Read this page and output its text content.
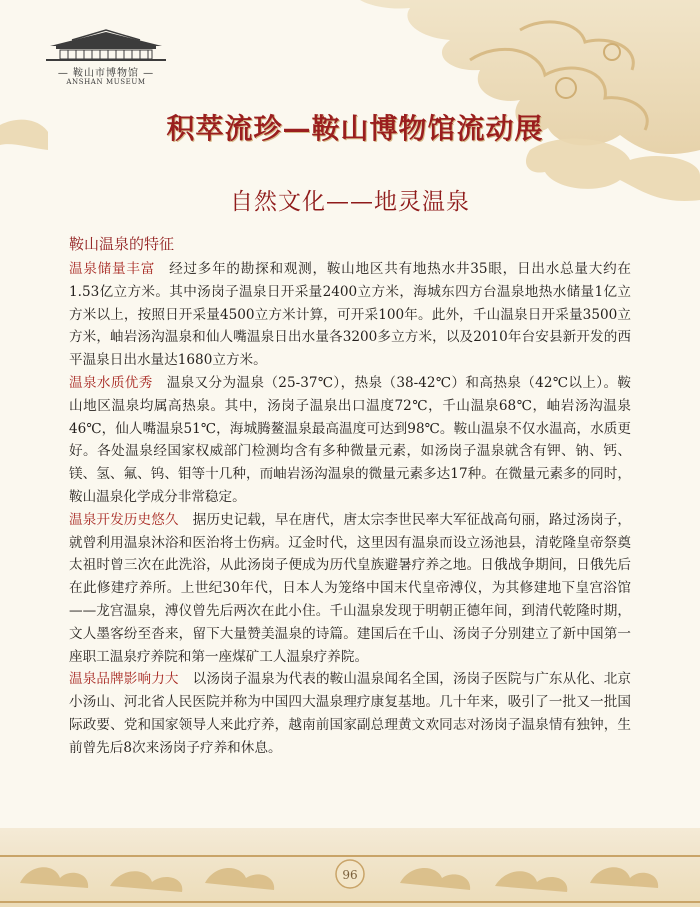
— 鞍山市博物馆 —
ANSHAN MUSEUM
积萃流珍—鞍山博物馆流动展
自然文化——地灵温泉
鞍山温泉的特征

温泉储量丰富 经过多年的勘探和观测，鞍山地区共有地热水井35眼，日出水总量大约在1.53亿立方米。其中汤岗子温泉日开采量2400立方米，海城东四方台温泉地热水储量1亿立方米以上，按照日开采量4500立方米计算，可开采100年。此外，千山温泉日开采量3500立方米，岫岩汤沟温泉和仙人嘴温泉日出水量各3200多立方米，以及2010年台安县新开发的西平温泉日出水量达1680立方米。

温泉水质优秀 温泉又分为温泉（25-37℃），热泉（38-42℃）和高热泉（42℃以上）。鞍山地区温泉均属高热泉。其中，汤岗子温泉出口温度72℃，千山温泉68℃，岫岩汤沟温泉46℃，仙人嘴温泉51℃，海城腾鳌温泉最高温度可达到98℃。鞍山温泉不仅水温高，水质更好。各处温泉经国家权威部门检测均含有多种微量元素，如汤岗子温泉就含有钾、钠、钙、镁、氢、氟、钨、钼等十几种，而岫岩汤沟温泉的微量元素多达17种。在微量元素多的同时，鞍山温泉化学成分非常稳定。

温泉开发历史悠久 据历史记载，早在唐代，唐太宗李世民率大军征战高句丽，路过汤岗子，就曾利用温泉沐浴和医治将士伤病。辽金时代，这里因有温泉而设立汤池县，清乾隆皇帝祭奠太祖时曾三次在此洗浴，从此汤岗子便成为历代皇族避暑疗养之地。日俄战争期间，日俄先后在此修建疗养所。上世纪30年代，日本人为笼络中国末代皇帝溥仪，为其修建地下皇宫浴馆——龙宫温泉，溥仪曾先后两次在此小住。千山温泉发现于明朝正德年间，到清代乾隆时期，文人墨客纷至沓来，留下大量赞美温泉的诗篇。建国后在千山、汤岗子分别建立了新中国第一座职工温泉疗养院和第一座煤矿工人温泉疗养院。

温泉品牌影响力大 以汤岗子温泉为代表的鞍山温泉闻名全国，汤岗子医院与广东从化、北京小汤山、河北省人民医院并称为中国四大温泉理疗康复基地。几十年来，吸引了一批又一批国际政要、党和国家领导人来此疗养，越南前国家副总理黄文欢同志对汤岗子温泉情有独钟，生前曾先后8次来汤岗子疗养和休息。

96
